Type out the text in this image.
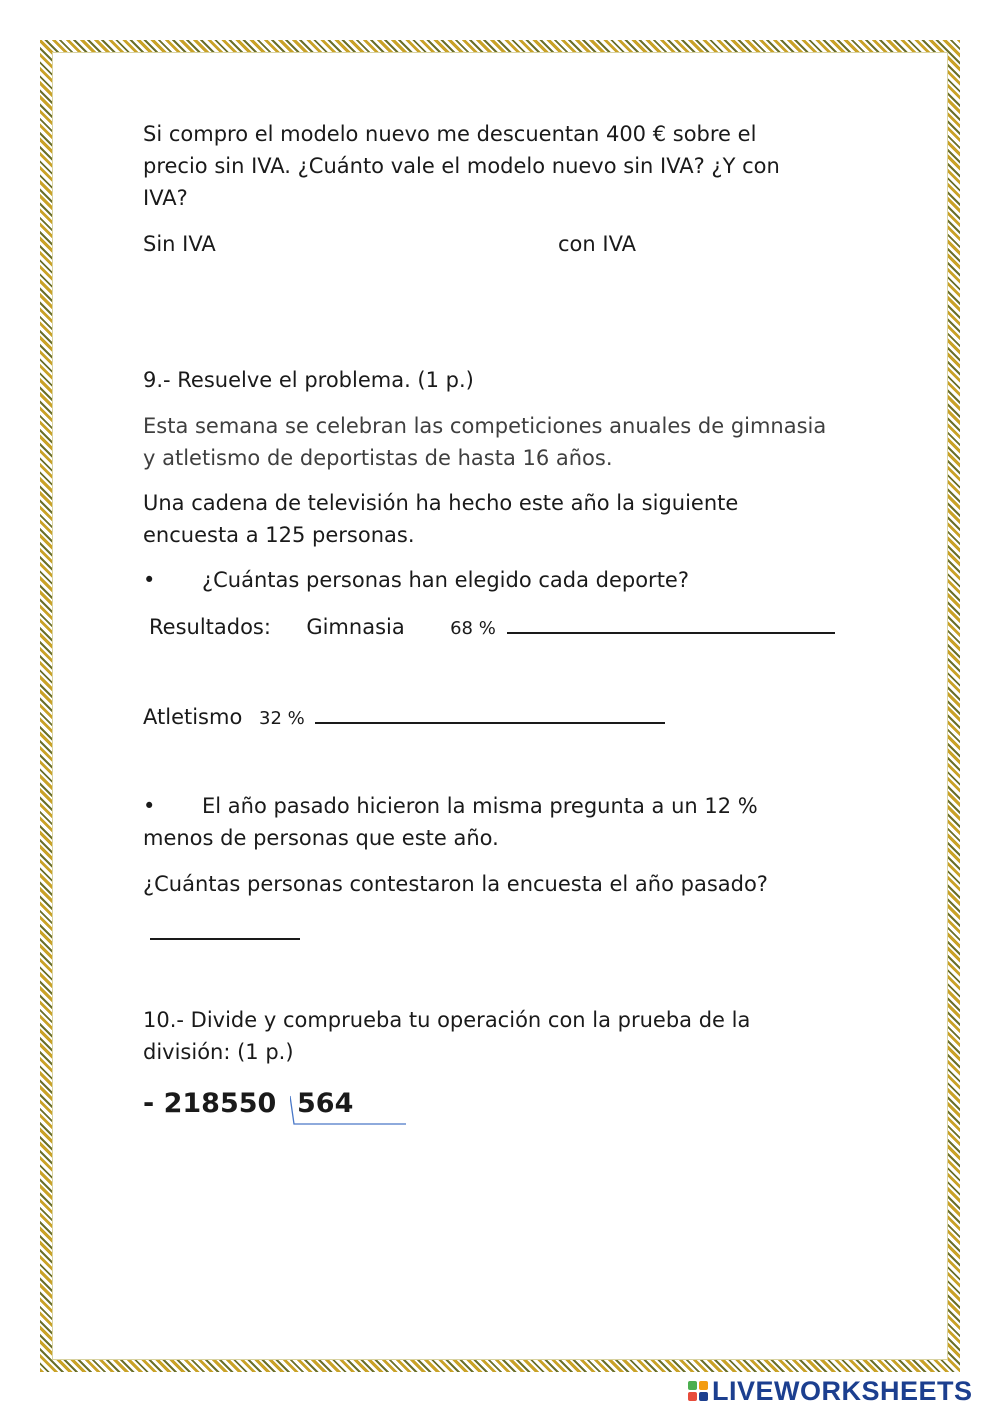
Si compro el modelo nuevo me descuentan 400 € sobre el
precio sin IVA. ¿Cuánto vale el modelo nuevo sin IVA? ¿Y con
IVA?
Sin IVA	con IVA
9.- Resuelve el problema. (1 p.)
Esta semana se celebran las competiciones anuales de gimnasia
y atletismo de deportistas de hasta 16 años.
Una cadena de televisión ha hecho este año la siguiente
encuesta a 125 personas.
• ¿Cuántas personas han elegido cada deporte?
Resultados: Gimnasia	68 %
Atletismo 32 %
• El año pasado hicieron la misma pregunta a un 12 %
menos de personas que este año.
¿Cuántas personas contestaron la encuesta el año pasado?
10.- Divide y comprueba tu operación con la prueba de la
división: (1 p.)
- 218550 564
LIVEWORKSHEETS
